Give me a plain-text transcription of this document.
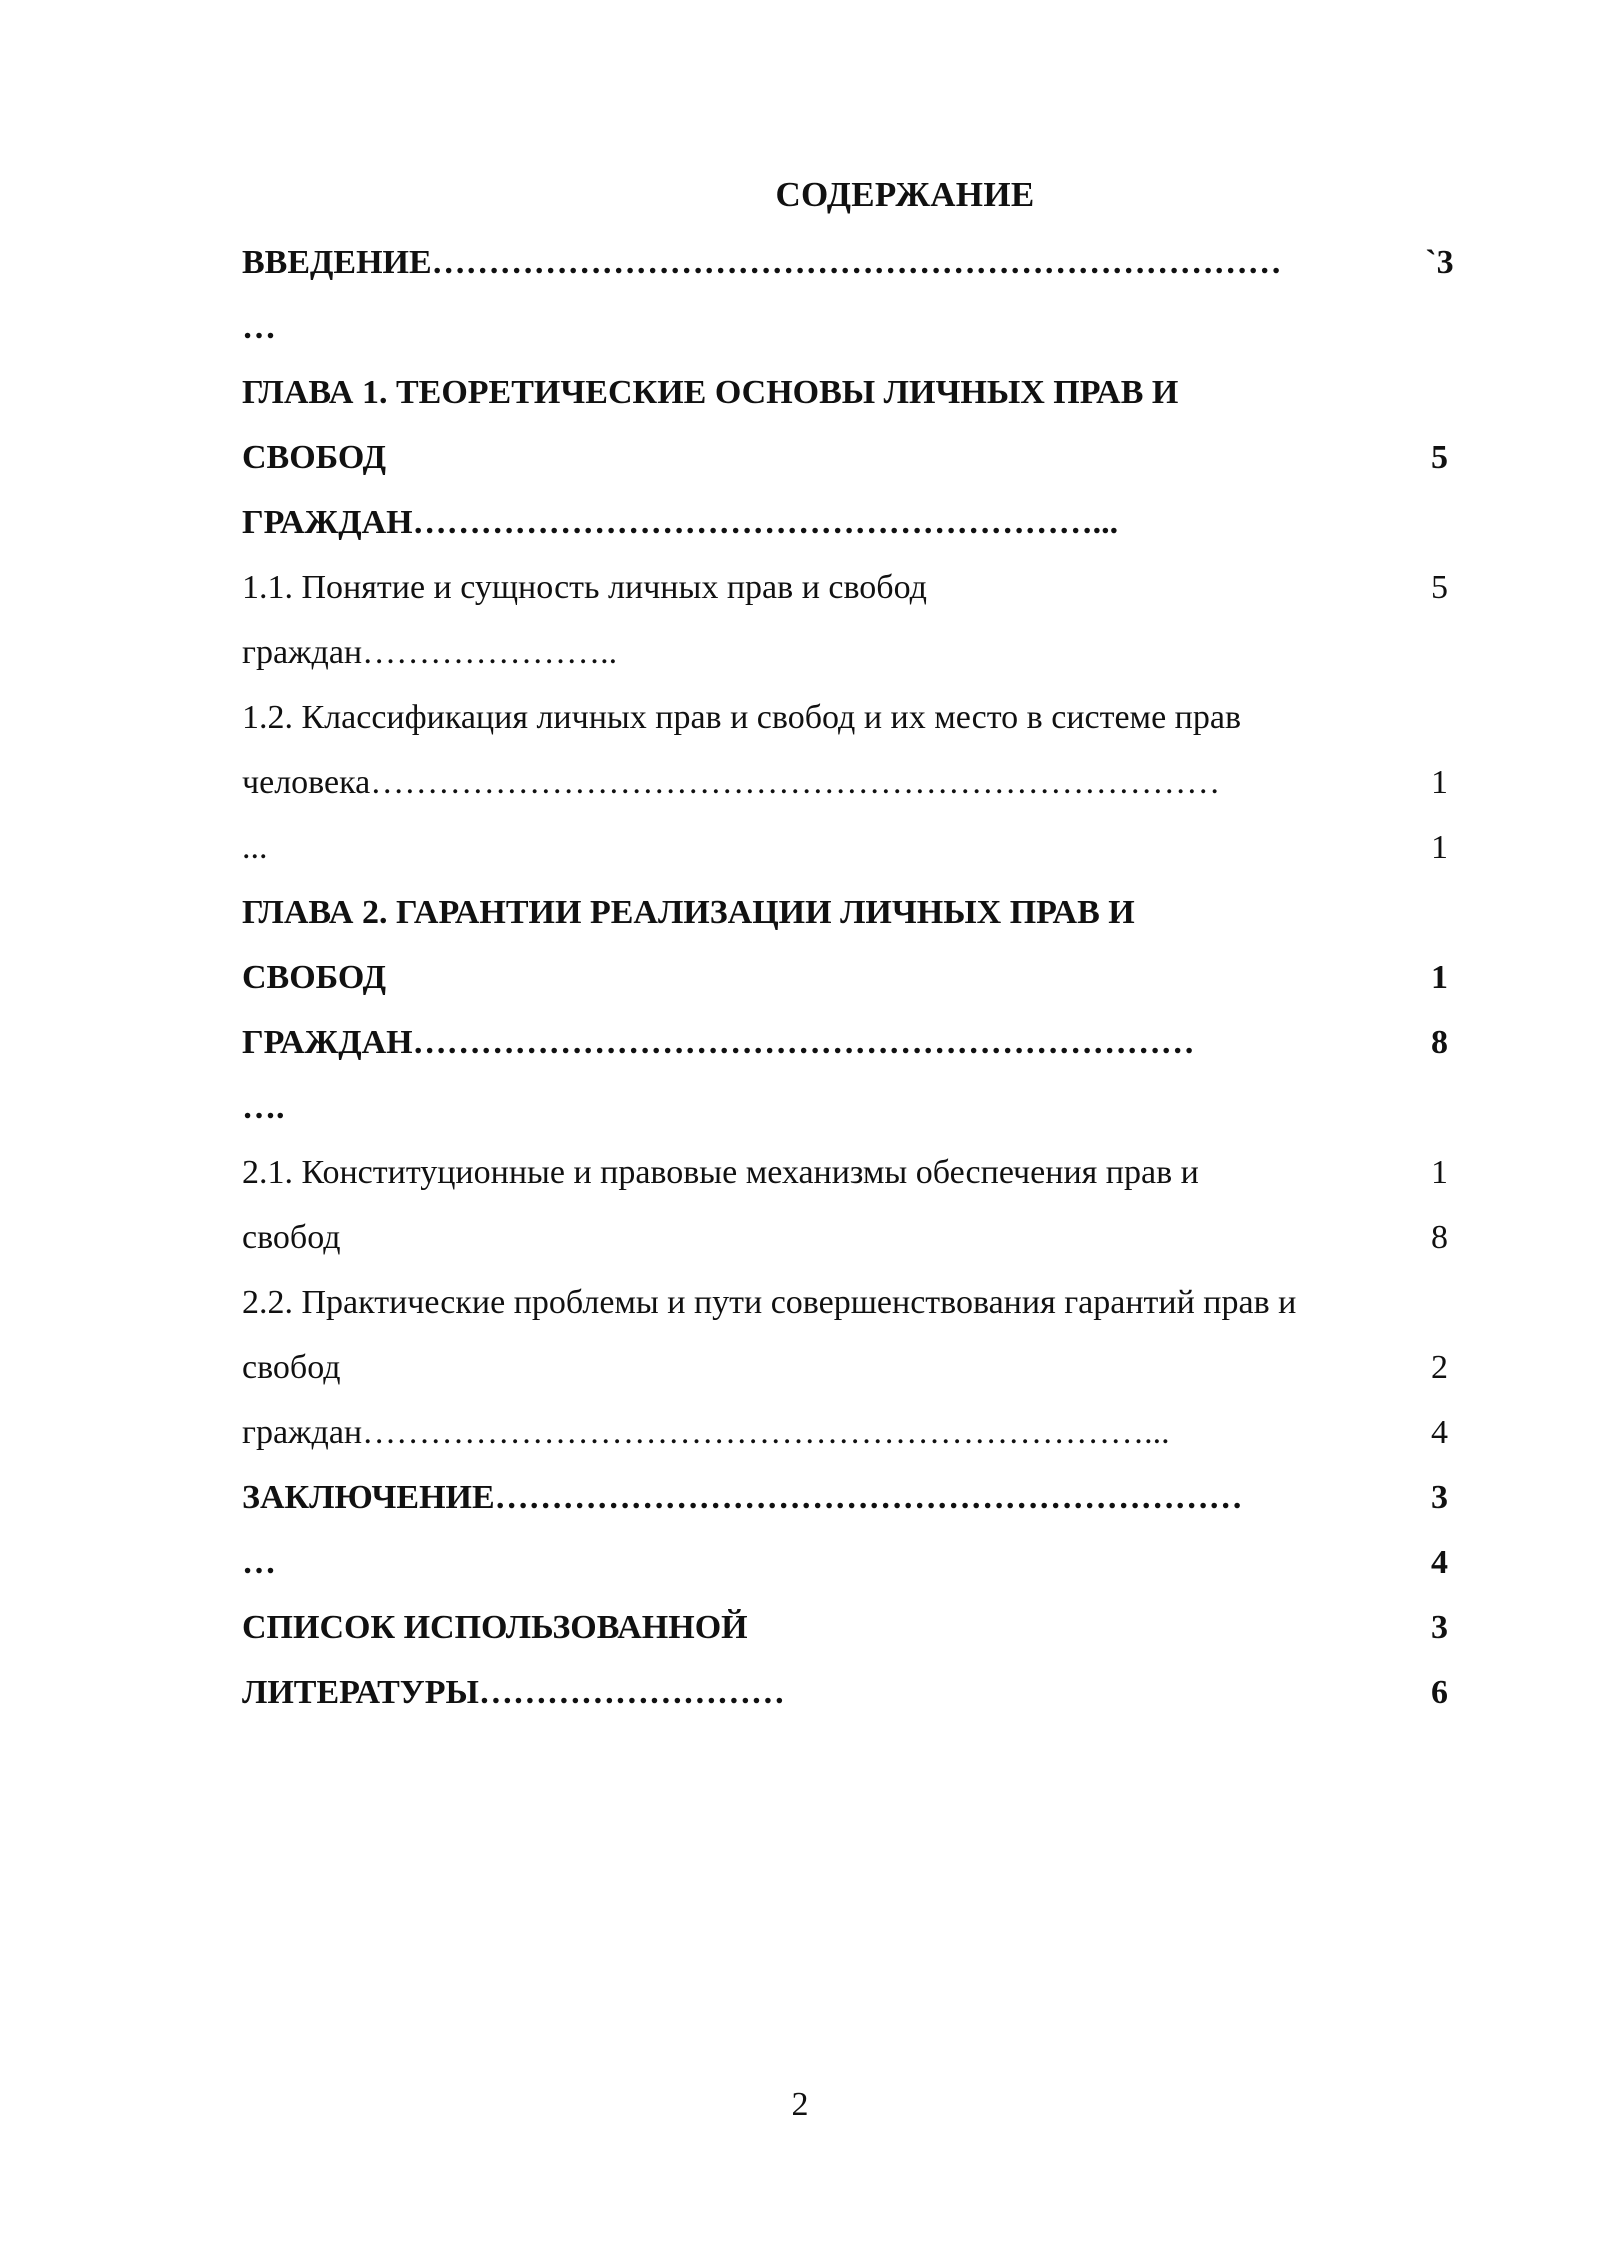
СОДЕРЖАНИЕ
ВВЕДЕНИЕ…………………………………………………………………
…
`3
ГЛАВА 1. ТЕОРЕТИЧЕСКИЕ ОСНОВЫ ЛИЧНЫХ ПРАВ И
СВОБОД
ГРАЖДАН……………………………………………………...

5

1.1. Понятие и сущность личных прав и свобод
граждан…………………..
5

1.2. Классификация личных прав и свобод и их место в системе прав
человека…………………………………………………………………
...

1
1
ГЛАВА 2. ГАРАНТИИ РЕАЛИЗАЦИИ ЛИЧНЫХ ПРАВ И
СВОБОД
ГРАЖДАН……………………………………………………………
….

1
8

2.1. Конституционные и правовые механизмы обеспечения прав и
свобод
1
8
2.2. Практические проблемы и пути совершенствования гарантий прав и
свобод
граждан……………………………………………………………...

2
4
ЗАКЛЮЧЕНИЕ…………………………………………………………
…
3
4
СПИСОК ИСПОЛЬЗОВАННОЙ
ЛИТЕРАТУРЫ………………………
3
6
2
